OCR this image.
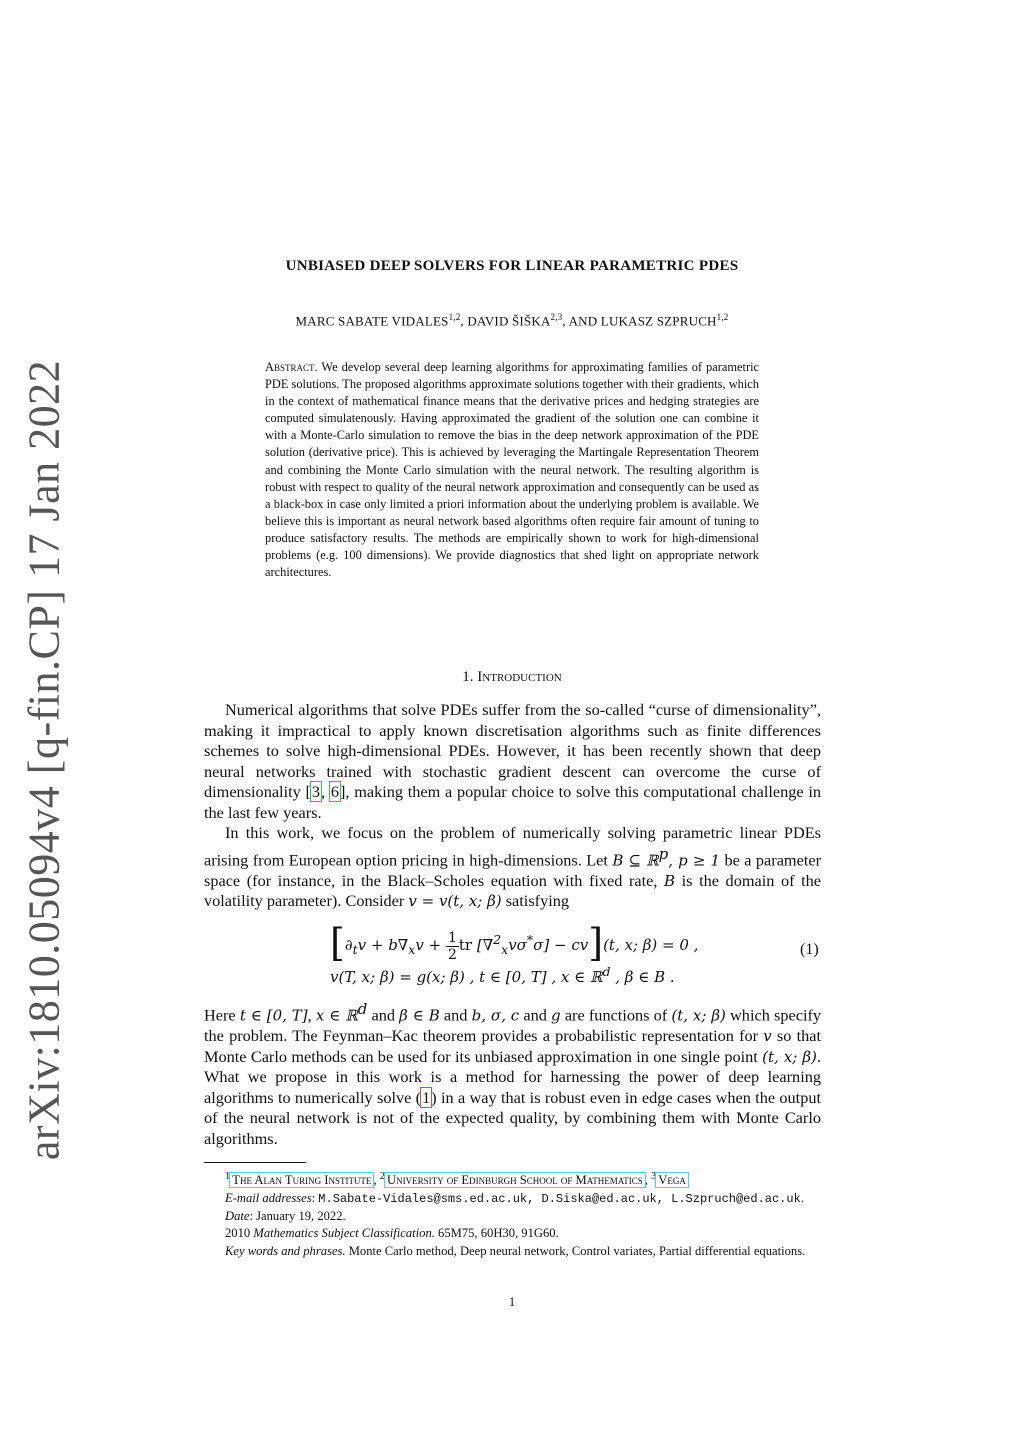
arXiv:1810.05094v4 [q-fin.CP] 17 Jan 2022
UNBIASED DEEP SOLVERS FOR LINEAR PARAMETRIC PDES
MARC SABATE VIDALES$^{1,2}$, DAVID ŠIŠKA$^{2,3}$, AND LUKASZ SZPRUCH$^{1,2}$
Abstract. We develop several deep learning algorithms for approximating families of parametric PDE solutions. The proposed algorithms approximate solutions together with their gradients, which in the context of mathematical finance means that the derivative prices and hedging strategies are computed simulatenously. Having approximated the gradient of the solution one can combine it with a Monte-Carlo simulation to remove the bias in the deep network approximation of the PDE solution (derivative price). This is achieved by leveraging the Martingale Representation Theorem and combining the Monte Carlo simulation with the neural network. The resulting algorithm is robust with respect to quality of the neural network approximation and consequently can be used as a black-box in case only limited a priori information about the underlying problem is available. We believe this is important as neural network based algorithms often require fair amount of tuning to produce satisfactory results. The methods are empirically shown to work for high-dimensional problems (e.g. 100 dimensions). We provide diagnostics that shed light on appropriate network architectures.
1. Introduction
Numerical algorithms that solve PDEs suffer from the so-called “curse of dimensionality”, making it impractical to apply known discretisation algorithms such as finite differences schemes to solve high-dimensional PDEs. However, it has been recently shown that deep neural networks trained with stochastic gradient descent can overcome the curse of dimensionality [3, 6], making them a popular choice to solve this computational challenge in the last few years.
In this work, we focus on the problem of numerically solving parametric linear PDEs arising from European option pricing in high-dimensions. Let B ⊆ ℝ$^p$, p ≥ 1 be a parameter space (for instance, in the Black–Scholes equation with fixed rate, B is the domain of the volatility parameter). Consider v = v(t, x; β) satisfying
[$\partial_tv + b\nabla_xv + \frac{1}{2}$ tr [∇$^2_x$vσ*σ] − cv](t, x; β) = 0 ,
v(T, x; β) = g(x; β) , t ∈ [0, T] , x ∈ ℝ$^d$ , β ∈ B .
(1)
Here t ∈ [0, T], x ∈ ℝ$^d$ and β ∈ B and b, σ, c and g are functions of (t, x; β) which specify the problem. The Feynman–Kac theorem provides a probabilistic representation for v so that Monte Carlo methods can be used for its unbiased approximation in one single point (t, x; β). What we propose in this work is a method for harnessing the power of deep learning algorithms to numerically solve (1) in a way that is robust even in edge cases when the output of the neural network is not of the expected quality, by combining them with Monte Carlo algorithms.
$^1$ The Alan Turing Institute , $^2$ University of Edinburgh School of Mathematics , $^3$ Vega
E-mail addresses: M.Sabate-Vidales@sms.ed.ac.uk, D.Siska@ed.ac.uk, L.Szpruch@ed.ac.uk.
Date: January 19, 2022.
2010 Mathematics Subject Classification. 65M75, 60H30, 91G60.
Key words and phrases. Monte Carlo method, Deep neural network, Control variates, Partial differential equations.
1
